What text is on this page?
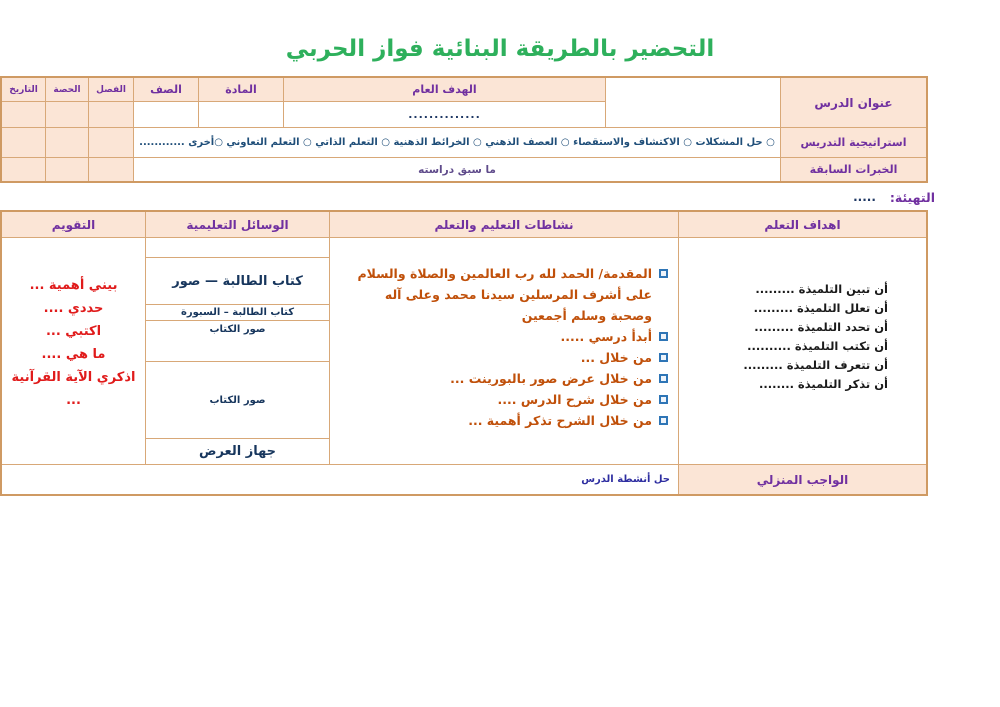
التحضير بالطريقة البنائية فواز الحربي
عنوان الدرس
الهدف العام
المادة
الصف
الفصل
الحصة
التاريخ
..............
استراتيجية التدريس
○ حل المشكلات ○ الاكتشاف والاستقصاء ○ العصف الذهني ○ الخرائط الذهنية ○ التعلم الذاتي ○ التعلم التعاوني ○أخرى ............
الخبرات السابقة
ما سبق دراسته
التهيئة:
.....
اهداف التعلم
نشاطات التعليم والتعلم
الوسائل التعليمية
التقويم
أن تبين التلميذة .........
أن تعلل التلميذة .........
أن تحدد التلميذة .........
أن تكتب التلميذة ..........
أن تتعرف التلميذة .........
أن تذكر التلميذة ........
المقدمة/ الحمد لله رب العالمين والصلاة والسلام على أشرف المرسلين سيدنا محمد وعلى آله وصحبة وسلم أجمعين
أبدأ درسي .....
من خلال ...
من خلال عرض صور بالبورينت ...
من خلال شرح الدرس ....
من خلال الشرح تذكر أهمية ...
كتاب الطالبة — صور
كتاب الطالبة – السبورة
صور الكتاب
صور الكتاب
جهاز العرض
بيني أهمية ...
حددي ....
اكتبي ...
ما هي ....
اذكري الآية القرآنية
...
الواجب المنزلي
حل أنشطة الدرس
